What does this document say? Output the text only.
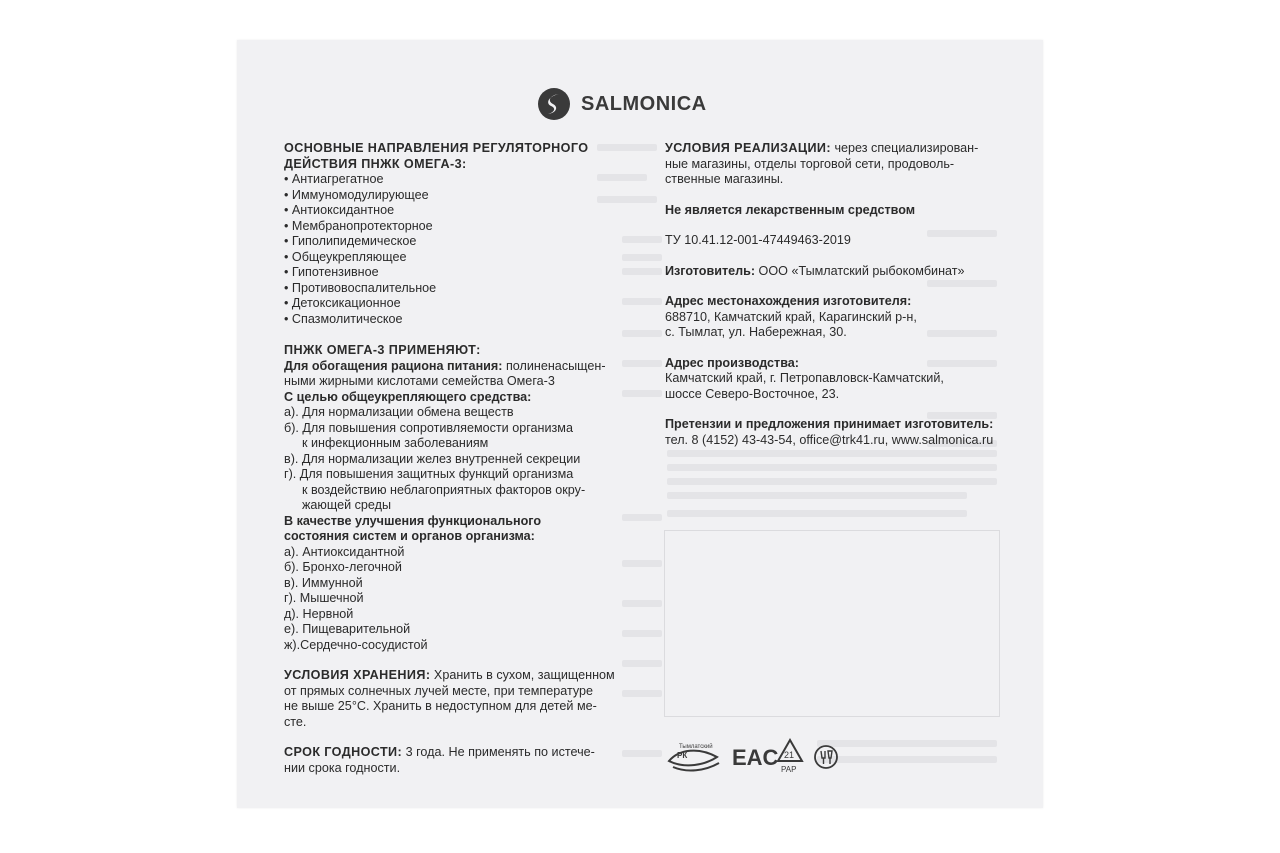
SALMONICA
ОСНОВНЫЕ НАПРАВЛЕНИЯ РЕГУЛЯТОРНОГО
ДЕЙСТВИЯ ПНЖК ОМЕГА-3:
• Антиагрегатное
• Иммуномодулирующее
• Антиоксидантное
• Мембранопротекторное
• Гиполипидемическое
• Общеукрепляющее
• Гипотензивное
• Противовоспалительное
• Детоксикационное
• Спазмолитическое
ПНЖК ОМЕГА-3 ПРИМЕНЯЮТ:
Для обогащения рациона питания: полиненасыщен-
ными жирными кислотами семейства Омега-3
С целью общеукрепляющего средства:
а). Для нормализации обмена веществ
б). Для повышения сопротивляемости организма
к инфекционным заболеваниям
в). Для нормализации желез внутренней секреции
г). Для повышения защитных функций организма
к воздействию неблагоприятных факторов окру-
жающей среды
В качестве улучшения функционального
состояния систем и органов организма:
а). Антиоксидантной
б). Бронхо-легочной
в). Иммунной
г). Мышечной
д). Нервной
е). Пищеварительной
ж).Сердечно-сосудистой
УСЛОВИЯ ХРАНЕНИЯ: Хранить в сухом, защищенном
от прямых солнечных лучей месте, при температуре
не выше 25°С. Хранить в недоступном для детей ме-
сте.
СРОК ГОДНОСТИ: 3 года. Не применять по истече-
нии срока годности.
УСЛОВИЯ РЕАЛИЗАЦИИ: через специализирован-
ные магазины, отделы торговой сети, продоволь-
ственные магазины.
Не является лекарственным средством
ТУ 10.41.12-001-47449463-2019
Изготовитель: ООО «Тымлатский рыбокомбинат»
Адрес местонахождения изготовителя:
688710, Камчатский край, Карагинский р-н,
с. Тымлат, ул. Набережная, 30.
Адрес производства:
Камчатский край, г. Петропавловск-Камчатский,
шоссе Северо-Восточное, 23.
Претензии и предложения принимает изготовитель:
тел. 8 (4152) 43-43-54, office@trk41.ru, www.salmonica.ru
Тымлатский
РК EAC 21
PAP
